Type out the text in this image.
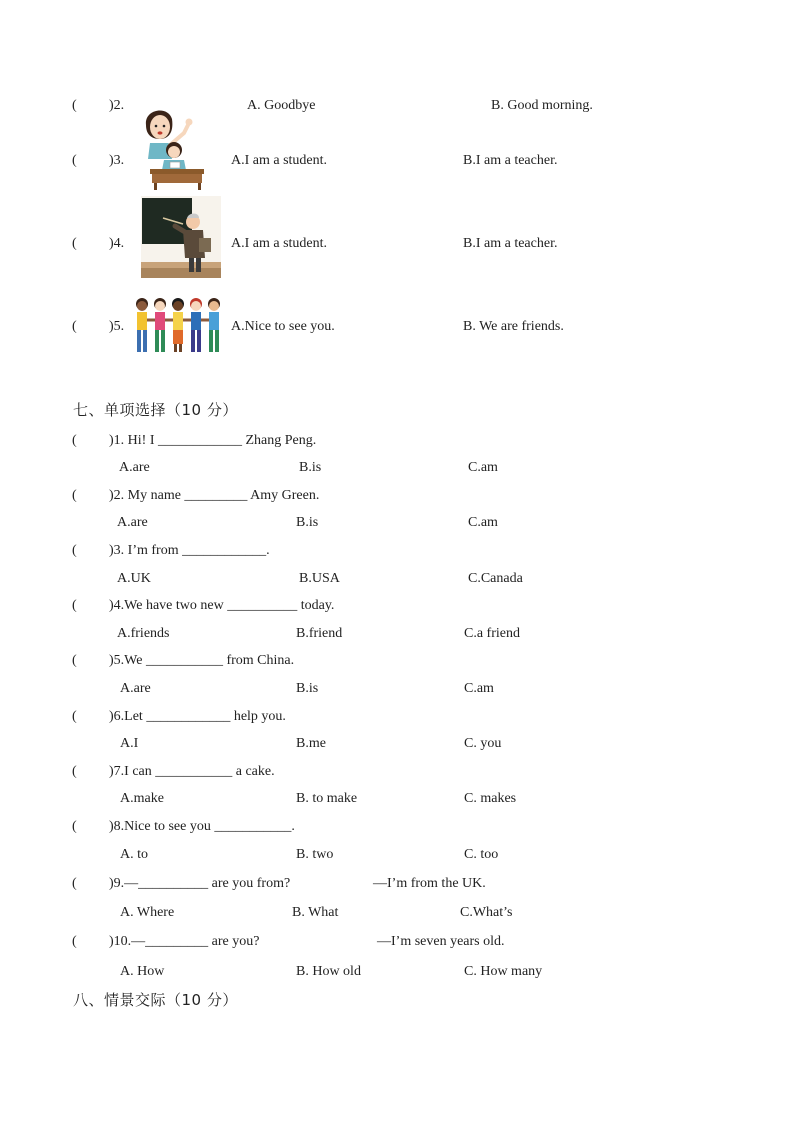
( )2.	A. Goodbye	B. Good morning.
( )3.	A.I am a student.	B.I am a teacher.
( )4.	A.I am a student.	B.I am a teacher.
( )5.	A.Nice to see you.	B. We are friends.
七、单项选择（10 分）
( )1. Hi! I ____________ Zhang Peng.
A.are	B.is	C.am
( )2. My name _________ Amy Green.
A.are	B.is	C.am
( )3. I’m from ____________.
A.UK	B.USA	C.Canada
( )4.We have two new __________ today.
A.friends	B.friend	C.a friend
( )5.We ___________ from China.
A.are	B.is	C.am
( )6.Let ____________ help you.
A.I	B.me	C. you
( )7.I can ___________ a cake.
A.make	B. to make	C. makes
( )8.Nice to see you ___________.
A. to	B. two	C. too
( )9.—__________ are you from?	—I’m from the UK.
A. Where	B. What	C.What’s
( )10.—_________ are you?	—I’m seven years old.
A. How	B. How old	C. How many
八、情景交际（10 分）
